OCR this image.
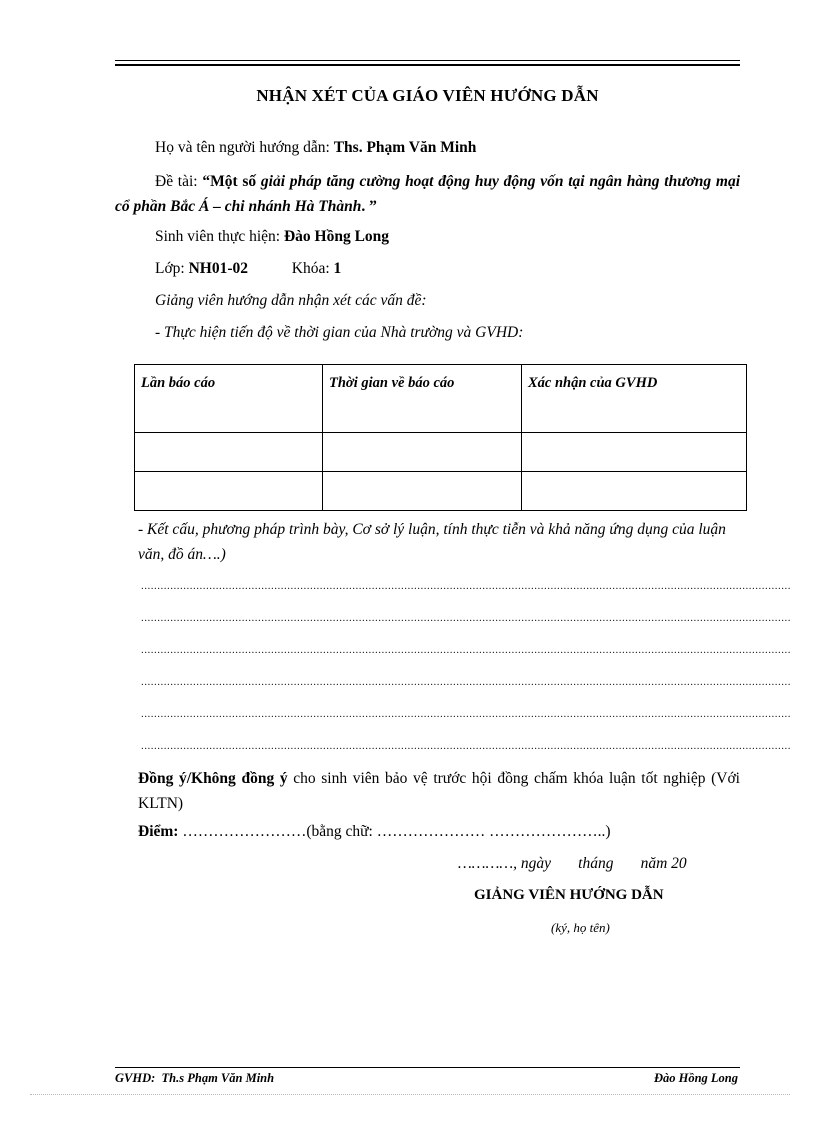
NHẬN XÉT CỦA GIÁO VIÊN HƯỚNG DẪN
Họ và tên người hướng dẫn: Ths. Phạm Văn Minh
Đề tài: “Một số giải pháp tăng cường hoạt động huy động vốn tại ngân hàng thương mại cổ phần Bắc Á – chi nhánh Hà Thành. ”
Sinh viên thực hiện: Đào Hồng Long
Lớp: NH01-02	Khóa: 1
Giảng viên hướng dẫn nhận xét các vấn đề:
- Thực hiện tiến độ về thời gian của Nhà trường và GVHD:
Lần báo cáo	Thời gian về báo cáo	Xác nhận của GVHD

- Kết cấu, phương pháp trình bày, Cơ sở lý luận, tính thực tiễn và khả năng ứng dụng của luận văn, đồ án….)
........................................................................................................................................................................................................
........................................................................................................................................................................................................
........................................................................................................................................................................................................
........................................................................................................................................................................................................
........................................................................................................................................................................................................
........................................................................................................................................................................................................
Đồng ý/Không đồng ý cho sinh viên bảo vệ trước hội đồng chấm khóa luận tốt nghiệp (Với KLTN)
Điểm: ……………………(bằng chữ: ………………… …………………..)
…………, ngày       tháng       năm 20
GIẢNG VIÊN HƯỚNG DẪN
(ký, họ tên)
GVHD:  Th.s Phạm Văn Minh	Đào Hồng Long
